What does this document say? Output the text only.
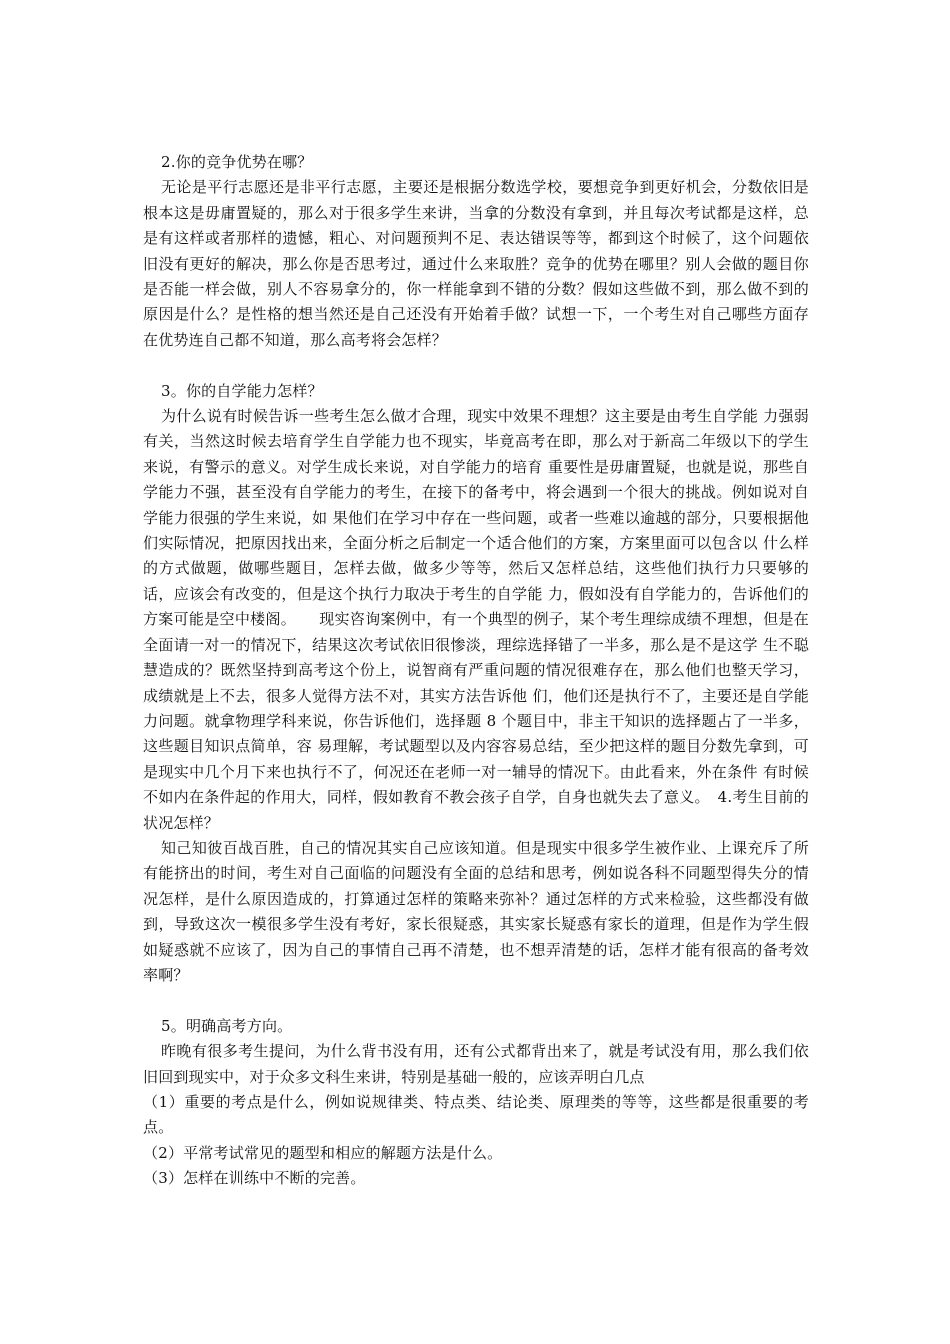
2.你的竞争优势在哪？

无论是平行志愿还是非平行志愿，主要还是根据分数选学校，要想竞争到更好机会，分数依旧是根本这是毋庸置疑的，那么对于很多学生来讲，当拿的分数没有拿到，并且每次考试都是这样，总是有这样或者那样的遗憾，粗心、对问题预判不足、表达错误等等，都到这个时候了，这个问题依旧没有更好的解决，那么你是否思考过，通过什么来取胜？竞争的优势在哪里？别人会做的题目你是否能一样会做，别人不容易拿分的，你一样能拿到不错的分数？假如这些做不到，那么做不到的原因是什么？是性格的想当然还是自己还没有开始着手做？试想一下，一个考生对自己哪些方面存在优势连自己都不知道，那么高考将会怎样？

3。你的自学能力怎样？

为什么说有时候告诉一些考生怎么做才合理，现实中效果不理想？这主要是由考生自学能 力强弱有关，当然这时候去培育学生自学能力也不现实，毕竟高考在即，那么对于新高二年级以下的学生来说，有警示的意义。对学生成长来说，对自学能力的培育 重要性是毋庸置疑，也就是说，那些自学能力不强，甚至没有自学能力的考生，在接下的备考中，将会遇到一个很大的挑战。例如说对自学能力很强的学生来说，如 果他们在学习中存在一些问题，或者一些难以逾越的部分，只要根据他们实际情况，把原因找出来，全面分析之后制定一个适合他们的方案，方案里面可以包含以 什么样的方式做题，做哪些题目，怎样去做，做多少等等，然后又怎样总结，这些他们执行力只要够的话，应该会有改变的，但是这个执行力取决于考生的自学能 力，假如没有自学能力的，告诉他们的方案可能是空中楼阁。　　现实咨询案例中，有一个典型的例子，某个考生理综成绩不理想，但是在全面请一对一的情况下，结果这次考试依旧很惨淡，理综选择错了一半多，那么是不是这学 生不聪慧造成的？既然坚持到高考这个份上，说智商有严重问题的情况很难存在，那么他们也整天学习，成绩就是上不去，很多人觉得方法不对，其实方法告诉他 们，他们还是执行不了，主要还是自学能力问题。就拿物理学科来说，你告诉他们，选择题 8 个题目中，非主干知识的选择题占了一半多，这些题目知识点简单，容 易理解，考试题型以及内容容易总结，至少把这样的题目分数先拿到，可是现实中几个月下来也执行不了，何况还在老师一对一辅导的情况下。由此看来，外在条件 有时候不如内在条件起的作用大，同样，假如教育不教会孩子自学，自身也就失去了意义。　4.考生目前的状况怎样？

知己知彼百战百胜，自己的情况其实自己应该知道。但是现实中很多学生被作业、上课充斥了所有能挤出的时间，考生对自己面临的问题没有全面的总结和思考，例如说各科不同题型得失分的情况怎样，是什么原因造成的，打算通过怎样的策略来弥补？通过怎样的方式来检验，这些都没有做到，导致这次一模很多学生没有考好，家长很疑惑，其实家长疑惑有家长的道理，但是作为学生假如疑惑就不应该了，因为自己的事情自己再不清楚，也不想弄清楚的话，怎样才能有很高的备考效率啊？

5。明确高考方向。

昨晚有很多考生提问，为什么背书没有用，还有公式都背出来了，就是考试没有用，那么我们依旧回到现实中，对于众多文科生来讲，特别是基础一般的，应该弄明白几点

（1）重要的考点是什么，例如说规律类、特点类、结论类、原理类的等等，这些都是很重要的考点。

（2）平常考试常见的题型和相应的解题方法是什么。

（3）怎样在训练中不断的完善。
